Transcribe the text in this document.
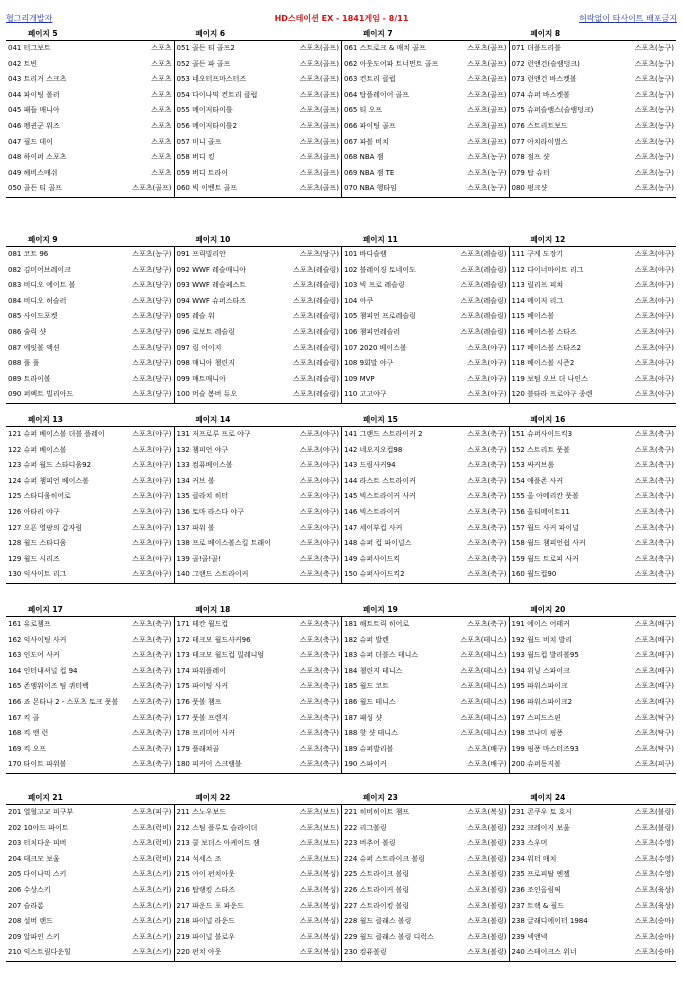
협그리개발자	HD스테이션 EX - 1841게임 - 8/11	허락없이 타사이트 배포금지
041 터그보트	스포츠
042 트빈	스포츠
043 트리거 스크츠	스포츠
044 파이팅 폴러	스포츠
045 패들 매니아	스포츠
046 펭귄군 워즈	스포츠
047 필드 데이	스포츠
048 하이퍼 스포츠	스포츠
049 헤비스매쉬	스포츠
050 골든 티 골프	스포츠(골프)
051 골든 티 골프2	스포츠(골프)
052 골든 파 골프	스포츠(골프)
053 네오터프마스터즈	스포츠(골프)
054 다이나믹 컨트리 클럽	스포츠(골프)
055 메이저타이틀	스포츠(골프)
056 메이저타이틀2	스포츠(골프)
057 미니 골프	스포츠(골프)
058 버디 킹	스포츠(골프)
059 버디 트라이	스포츠(골프)
060 빅 이벤트 골프	스포츠(골프)
061 스트로크 & 매치 골프	스포츠(골프)
062 아웃도어파 트너먼트 골프	스포츠(골프)
063 컨트리 클럽	스포츠(골프)
064 탑플레이어 골프	스포츠(골프)
065 티 오프	스포츠(골프)
066 파이팅 골프	스포츠(골프)
067 파볼 비치	스포츠(골프)
068 NBA 잼	스포츠(농구)
069 NBA 잼 TE	스포츠(농구)
070 NBA 행타임	스포츠(농구)
071 더플드리블	스포츠(농구)
072 런앤건(슬램덩크)	스포츠(농구)
073 런앤건 바스켓볼	스포츠(농구)
074 슈퍼 바스켓볼	스포츠(농구)
075 슈퍼슬램스(슬램덩크)	스포츠(농구)
076 스트리트보드	스포츠(농구)
077 아치라이벌스	스포츠(농구)
078 점프 샷	스포츠(농구)
079 탑 슈터	스포츠(농구)
080 펑크샷	스포츠(농구)
081 코트 96	스포츠(농구)
082 김미어브레이크	스포츠(당구)
083 비디오 에이트 볼	스포츠(당구)
084 비디오 허슬러	스포츠(당구)
085 사이드포켓	스포츠(당구)
086 술릭 샷	스포츠(당구)
087 에잇볼 액션	스포츠(당구)
088 풀 풀	스포츠(당구)
089 트라이볼	스포츠(당구)
090 퍼펙트 빌리아드	스포츠(당구)
091 프릭빌리안	스포츠(당구)
092 WWF 레슬매니아	스포츠(레슬링)
093 WWF 레슬페스트	스포츠(레슬링)
094 WWF 슈퍼스타즈	스포츠(레슬링)
095 레슬 워	스포츠(레슬링)
096 로보트 레슬링	스포츠(레슬링)
097 링 어이지	스포츠(레슬링)
098 매니아 챌린지	스포츠(레슬링)
099 매트매니아	스포츠(레슬링)
100 머슬 봄버 듀오	스포츠(레슬링)
101 바디슬램	스포츠(레슬링)
102 블레이징 토네이도	스포츠(레슬링)
103 빅 프로 레슬링	스포츠(레슬링)
104 아쿠	스포츠(레슬링)
105 챔피언 프로레슬링	스포츠(레슬링)
106 챔피언레슬러	스포츠(레슬링)
107 2020 베이스볼	스포츠(야구)
108 9회말 야구	스포츠(야구)
109 MVP	스포츠(야구)
110 고고야구	스포츠(야구)
111 구게 도장기	스포츠(야구)
112 다이너마이트 리그	스포츠(야구)
113 릴리프 피쳐	스포츠(야구)
114 메이저 리그	스포츠(야구)
115 베이스볼	스포츠(야구)
116 베이스볼 스타즈	스포츠(야구)
117 베이스볼 스타즈2	스포츠(야구)
118 베이스볼 시즌2	스포츠(야구)
119 보텀 오브 더 나인스	스포츠(야구)
120 블타라 프로야구 종렌	스포츠(야구)
121 슈퍼 베이스볼 더블 플레이	스포츠(야구)
122 슈퍼 베이스볼	스포츠(야구)
123 슈퍼 월드 스타디움92	스포츠(야구)
124 슈퍼 챔피언 베이스볼	스포츠(야구)
125 스타디움히어로	스포츠(야구)
126 아타리 야구	스포츠(야구)
127 오픈 영팡의 갑자림	스포츠(야구)
128 월드 스타디움	스포츠(야구)
129 월드 시리즈	스포츠(야구)
130 익사이트 리그	스포츠(야구)
131 저프로루 프로 야구	스포츠(야구)
132 챔피언 야구	스포츠(야구)
133 컴퓨베이스볼	스포츠(야구)
134 커브 볼	스포츠(야구)
135 클라치 히터	스포츠(야구)
136 토마 라스다 야구	스포츠(야구)
137 파워 볼	스포츠(야구)
138 프로 베이스볼스킬 트래이	스포츠(야구)
139 골!골!골!	스포츠(축구)
140 그랜드 스트라이커	스포츠(축구)
141 그랜드 스트라이커 2	스포츠(축구)
142 네오지오컵98	스포츠(축구)
143 드림사커94	스포츠(축구)
144 라스트 스트라이커	스포츠(축구)
145 빅스트라이커 사커	스포츠(축구)
146 빅스트라이커	스포츠(축구)
147 세이부컵 사커	스포츠(축구)
148 슈퍼 컵 파이널스	스포츠(축구)
149 슈퍼사이드킥	스포츠(축구)
150 슈퍼사이드킥2	스포츠(축구)
151 슈퍼사이드킥3	스포츠(축구)
152 스트리트 풋볼	스포츠(축구)
153 싸커브롤	스포츠(축구)
154 애플존 사커	스포츠(축구)
155 올 아메리칸 풋볼	스포츠(축구)
156 올티메이트11	스포츠(축구)
157 월드 사커 파이널	스포츠(축구)
158 월드 챔피언쉽 사커	스포츠(축구)
159 월드 트로피 사커	스포츠(축구)
160 월드컵90	스포츠(축구)
161 유로챔프	스포츠(축구)
162 익사이팅 사커	스포츠(축구)
163 인도어 사커	스포츠(축구)
164 인터내셔널 컵 94	스포츠(축구)
165 존엠워이즈 팀 퀴터백	스포츠(축구)
166 죠 몬타나 2 - 스포츠 토크 풋볼	스포츠(축구)
167 킥 골	스포츠(축구)
168 킥 앤 런	스포츠(축구)
169 킥 오프	스포츠(축구)
170 타이트 파워볼	스포츠(축구)
171 테칸 월드컵	스포츠(축구)
172 테크모 월드사커96	스포츠(축구)
173 테크모 월드컵 밀레니엄	스포츠(축구)
174 파워플레이	스포츠(축구)
175 파이팅 사커	스포츠(축구)
176 풋볼 챔프	스포츠(축구)
177 풋볼 프렌지	스포츠(축구)
178 프리미어 사커	스포츠(축구)
179 플래쳐골	스포츠(축구)
180 피커이 스크램블	스포츠(축구)
181 해트트릭 히어로	스포츠(축구)
182 슈퍼 발렌	스포츠(테니스)
183 슈퍼 더블스 테니스	스포츠(테니스)
184 챌린지 테니스	스포츠(테니스)
185 월드 코트	스포츠(테니스)
186 월드 테니스	스포츠(테니스)
187 패싱 샷	스포츠(테니스)
188 핫 샷 테니스	스포츠(테니스)
189 슈퍼발리볼	스포츠(배구)
190 스파이커	스포츠(배구)
191 에이스 어태커	스포츠(배구)
192 월드 비치 발리	스포츠(배구)
193 월드컵 발리볼95	스포츠(배구)
194 위닝 스파이크	스포츠(배구)
195 파워스파이크	스포츠(배구)
196 파워스파이크2	스포츠(배구)
197 스피드스핀	스포츠(탁구)
198 코나미 핑퐁	스포츠(탁구)
199 핑퐁 마스터즈93	스포츠(탁구)
200 슈퍼동지볼	스포츠(피구)
201 열혈고교 피구부	스포츠(피구)
202 10야드 파이트	스포츠(럭비)
203 터치다운 피버	스포츠(럭비)
204 테크모 보울	스포츠(럭비)
205 다이나믹 스키	스포츠(스키)
206 수상스키	스포츠(스키)
207 슬라롬	스포츠(스키)
208 설버 랜드	스포츠(스키)
209 알파인 스키	스포츠(스키)
210 익스트림다운힐	스포츠(스키)
211 스노우보드	스포츠(보드)
212 스팀 플루토 슬라이더	스포츠(보드)
213 쿨 보더스 아케이드 잼	스포츠(보드)
214 석세스 조	스포츠(보드)
215 아이 펀치아웃	스포츠(복싱)
216 탑랭킹 스타즈	스포츠(복싱)
217 파운드 포 파운드	스포츠(복싱)
218 파이널 라운드	스포츠(복싱)
219 파이널 블로우	스포츠(복싱)
220 펀치 아웃	스포츠(복싱)
221 히비히이트 챔프	스포츠(복싱)
222 리그볼링	스포츠(볼링)
223 버추어 볼링	스포츠(볼링)
224 슈퍼 스트라이크 볼링	스포츠(볼링)
225 스트라이크 볼링	스포츠(볼링)
226 스트라이커 볼링	스포츠(볼링)
227 스트라이킹 볼링	스포츠(볼링)
228 월드 클래스 볼링	스포츠(볼링)
229 월드 클래스 볼링 디럭스	스포츠(볼링)
230 컴퓨볼링	스포츠(볼링)
231 콘쿠우 토 호시	스포츠(볼링)
232 크레이지 보울	스포츠(볼링)
233 스우머	스포츠(수영)
234 워터 매치	스포츠(수영)
235 프로피탈 엔젤	스포츠(수영)
236 조인올림픽	스포츠(육상)
237 트랙 & 필드	스포츠(육상)
238 글래디에이터 1984	스포츠(승마)
239 넥앤넥	스포츠(승마)
240 스테이크스 위너	스포츠(승마)
페이지 5	페이지 6	페이지 7	페이지 8
페이지 9	페이지 10	페이지 11	페이지 12
페이지 13	페이지 14	페이지 15	페이지 16
페이지 17	페이지 18	페이지 19	페이지 20
페이지 21	페이지 22	페이지 23	페이지 24
